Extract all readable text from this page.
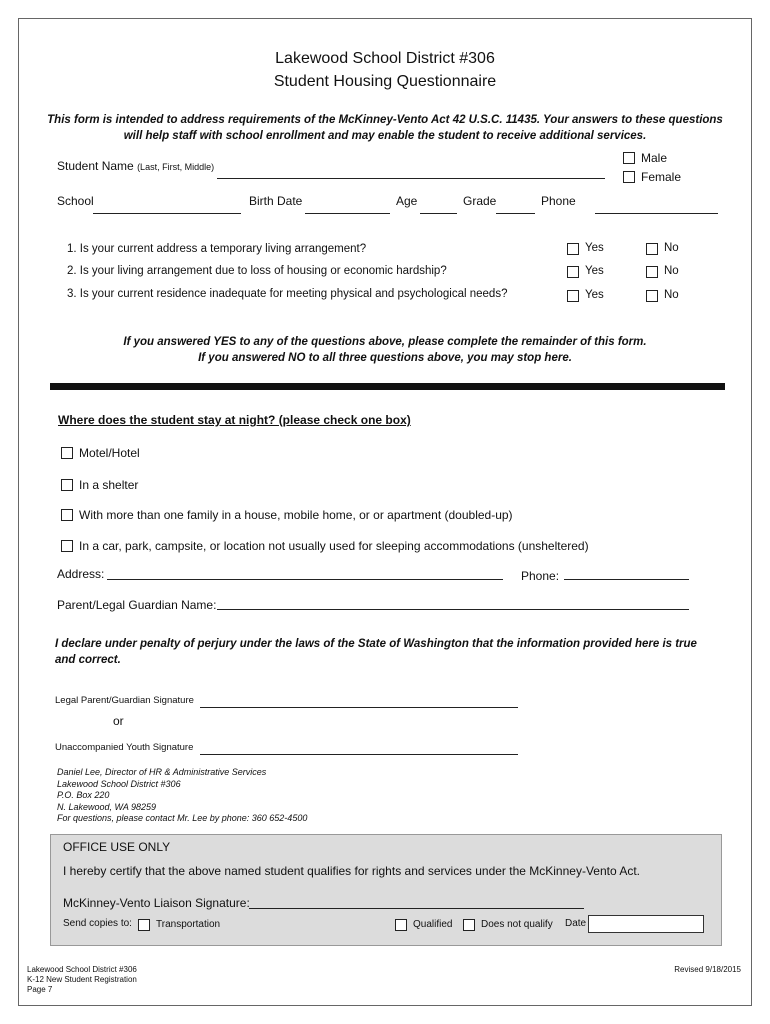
Lakewood School District #306
Student Housing Questionnaire
This form is intended to address requirements of the McKinney-Vento Act 42 U.S.C. 11435. Your answers to these questions
will help staff with school enrollment and may enable the student to receive additional services.
Student Name (Last, First, Middle)
Male
Female
School	Birth Date	Age	Grade	Phone
1. Is your current address a temporary living arrangement?	Yes	No
2. Is your living arrangement due to loss of housing or economic hardship?	Yes	No
3. Is your current residence inadequate for meeting physical and psychological needs?	Yes	No
If you answered YES to any of the questions above, please complete the remainder of this form.
If you answered NO to all three questions above, you may stop here.
Where does the student stay at night? (please check one box)
Motel/Hotel
In a shelter
With more than one family in a house, mobile home, or or apartment (doubled-up)
In a car, park, campsite, or location not usually used for sleeping accommodations (unsheltered)
Address:	Phone:
Parent/Legal Guardian Name:
I declare under penalty of perjury under the laws of the State of Washington that the information provided here is true
and correct.
Legal Parent/Guardian Signature
or
Unaccompanied Youth Signature
Daniel Lee, Director of HR & Administrative Services
Lakewood School District #306
P.O. Box 220
N. Lakewood, WA 98259
For questions, please contact Mr. Lee by phone: 360 652-4500
OFFICE USE ONLY
I hereby certify that the above named student qualifies for rights and services under the McKinney-Vento Act.
McKinney-Vento Liaison Signature:
Send copies to: Transportation	Qualified	Does not qualify Date
Lakewood School District #306
K-12 New Student Registration
Page 7
Revised 9/18/2015
